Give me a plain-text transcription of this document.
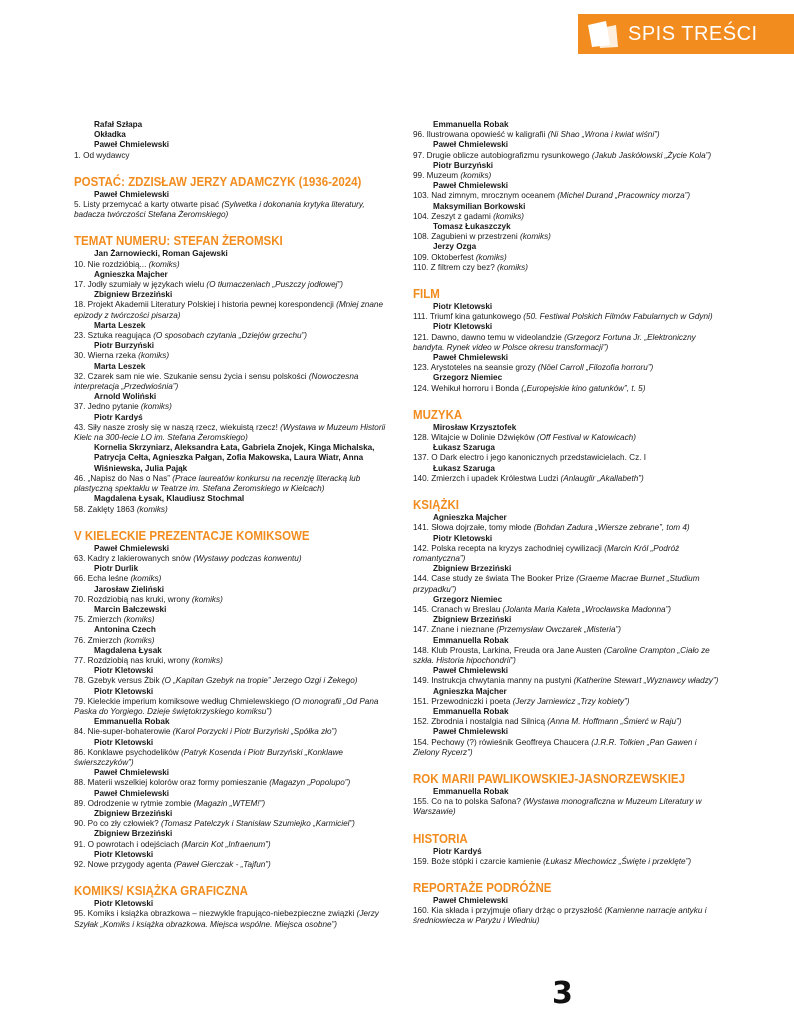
SPIS TREŚCI
Rafał Szłapa
Okładka
Paweł Chmielewski
1. Od wydawcy
POSTAĆ: ZDZISŁAW JERZY ADAMCZYK (1936-2024)
Paweł Chmielewski
5. Listy przemycać a karty otwarte pisać (Sylwetka i dokonania krytyka literatury, badacza twórczości Stefana Żeromskiego)
TEMAT NUMERU: STEFAN ŻEROMSKI
Jan Żarnowiecki, Roman Gajewski
10. Nie rozdzióbią... (komiks)
Agnieszka Majcher
17. Jodły szumiały w językach wielu (O tłumaczeniach „Puszczy jodłowej”)
Zbigniew Brzeziński
18. Projekt Akademii Literatury Polskiej i historia pewnej korespondencji (Mniej znane epizody z twórczości pisarza)
Marta Leszek
23. Sztuka reagująca (O sposobach czytania „Dziejów grzechu”)
Piotr Burzyński
30. Wierna rzeka (komiks)
Marta Leszek
32. Czarek sam nie wie. Szukanie sensu życia i sensu polskości (Nowoczesna interpretacja „Przedwiośnia”)
Arnold Woliński
37. Jedno pytanie (komiks)
Piotr Kardyś
43. Siły nasze zrosły się w naszą rzecz, wiekuistą rzecz! (Wystawa w Muzeum Historii Kielc na 300-lecie LO im. Stefana Żeromskiego)
Kornelia Skrzyniarz, Aleksandra Łata, Gabriela Znojek, Kinga Michalska, Patrycja Cełta, Agnieszka Pałgan, Zofia Makowska, Laura Wiatr, Anna Wiśniewska, Julia Pająk
46. „Napisz do Nas o Nas” (Prace laureatów konkursu na recenzję literacką lub plastyczną spektaklu w Teatrze im. Stefana Żeromskiego w Kielcach)
Magdalena Łysak, Klaudiusz Stochmal
58. Zaklęty 1863 (komiks)
V KIELECKIE PREZENTACJE KOMIKSOWE
Paweł Chmielewski
63. Kadry z lakierowanych snów (Wystawy podczas konwentu)
Piotr Durlik
66. Echa leśne (komiks)
Jarosław Zieliński
70. Rozdziobią nas kruki, wrony (komiks)
Marcin Bałczewski
75. Zmierzch (komiks)
Antonina Czech
76. Zmierzch (komiks)
Magdalena Łysak
77. Rozdziobią nas kruki, wrony (komiks)
Piotr Kletowski
78. Gzebyk versus Żbik (O „Kapitan Gzebyk na tropie” Jerzego Ozgi i Żekego)
Piotr Kletowski
79. Kieleckie imperium komiksowe według Chmielewskiego (O monografii „Od Pana Paska do Yorgiego. Dzieje świętokrzyskiego komiksu”)
Emmanuella Robak
84. Nie-super-bohaterowie (Karol Porzycki i Piotr Burzyński „Spółka zło”)
Piotr Kletowski
86. Konklawe psychodelików (Patryk Kosenda i Piotr Burzyński „Konklawe świerszczyków”)
Paweł Chmielewski
88. Materii wszelkiej kolorów oraz formy pomieszanie (Magazyn „Popolupo”)
Paweł Chmielewski
89. Odrodzenie w rytmie zombie (Magazin „WTEM!”)
Zbigniew Brzeziński
90. Po co zły człowiek? (Tomasz Patelczyk i Stanisław Szumiejko „Karmiciel”)
Zbigniew Brzeziński
91. O powrotach i odejściach (Marcin Kot „Infraenum”)
Piotr Kletowski
92. Nowe przygody agenta (Paweł Gierczak - „Tajfun”)
KOMIKS/ KSIĄŻKA GRAFICZNA
Piotr Kletowski
95. Komiks i książka obrazkowa – niezwykle frapująco-niebezpieczne związki (Jerzy Szyłak „Komiks i książka obrazkowa. Miejsca wspólne. Miejsca osobne”)
Emmanuella Robak
96. Ilustrowana opowieść w kaligrafii (Ni Shao „Wrona i kwiat wiśni”)
Paweł Chmielewski
97. Drugie oblicze autobiografizmu rysunkowego (Jakub Jaskółowski „Życie Kola”)
Piotr Burzyński
99. Muzeum (komiks)
Paweł Chmielewski
103. Nad zimnym, mrocznym oceanem (Michel Durand „Pracownicy morza”)
Maksymilian Borkowski
104. Zeszyt z gadami (komiks)
Tomasz Łukaszczyk
108. Zagubieni w przestrzeni (komiks)
Jerzy Ozga
109. Oktoberfest (komiks)
110. Z filtrem czy bez? (komiks)
FILM
Piotr Kletowski
111. Triumf kina gatunkowego (50. Festiwal Polskich Filmów Fabularnych w Gdyni)
Piotr Kletowski
121. Dawno, dawno temu w videolandzie (Grzegorz Fortuna Jr. „Elektroniczny bandyta. Rynek video w Polsce okresu transformacji”)
Paweł Chmielewski
123. Arystoteles na seansie grozy (Nöel Carroll „Filozofia horroru”)
Grzegorz Niemiec
124. Wehikuł horroru i Bonda („Europejskie kino gatunków”, t. 5)
MUZYKA
Mirosław Krzysztofek
128. Witajcie w Dolinie Dźwięków (Off Festival w Katowicach)
Łukasz Szaruga
137. O Dark electro i jego kanonicznych przedstawicielach. Cz. I
Łukasz Szaruga
140. Zmierzch i upadek Królestwa Ludzi (Anlauglir „Akallabeth”)
KSIĄŻKI
Agnieszka Majcher
141. Słowa dojrzałe, tomy młode (Bohdan Zadura „Wiersze zebrane”, tom 4)
Piotr Kletowski
142. Polska recepta na kryzys zachodniej cywilizacji (Marcin Król „Podróż romantyczna”)
Zbigniew Brzeziński
144. Case study ze świata The Booker Prize (Graeme Macrae Burnet „Studium przypadku”)
Grzegorz Niemiec
145. Cranach w Breslau (Jolanta Maria Kaleta „Wrocławska Madonna”)
Zbigniew Brzeziński
147. Znane i nieznane (Przemysław Owczarek „Misteria”)
Emmanuella Robak
148. Klub Prousta, Larkina, Freuda ora Jane Austen (Caroline Crampton „Ciało ze szkła. Historia hipochondrii”)
Paweł Chmielewski
149. Instrukcja chwytania manny na pustyni (Katherine Stewart „Wyznawcy władzy”)
Agnieszka Majcher
151. Przewodniczki i poeta (Jerzy Jarniewicz „Trzy kobiety”)
Emmanuella Robak
152. Zbrodnia i nostalgia nad Silnicą (Anna M. Hoffmann „Śmierć w Raju”)
Paweł Chmielewski
154. Pechowy (?) rówieśnik Geoffreya Chaucera (J.R.R. Tolkien „Pan Gawen i Zielony Rycerz”)
ROK MARII PAWLIKOWSKIEJ-JASNORZEWSKIEJ
Emmanuella Robak
155. Co na to polska Safona? (Wystawa monograficzna w Muzeum Literatury w Warszawie)
HISTORIA
Piotr Kardyś
159. Boże stópki i czarcie kamienie (Łukasz Miechowicz „Święte i przeklęte”)
REPORTAŻE PODRÓŻNE
Paweł Chmielewski
160. Kia składa i przyjmuje ofiary drżąc o przyszłość (Kamienne narracje antyku i średniowiecza w Paryżu i Wiedniu)
3
